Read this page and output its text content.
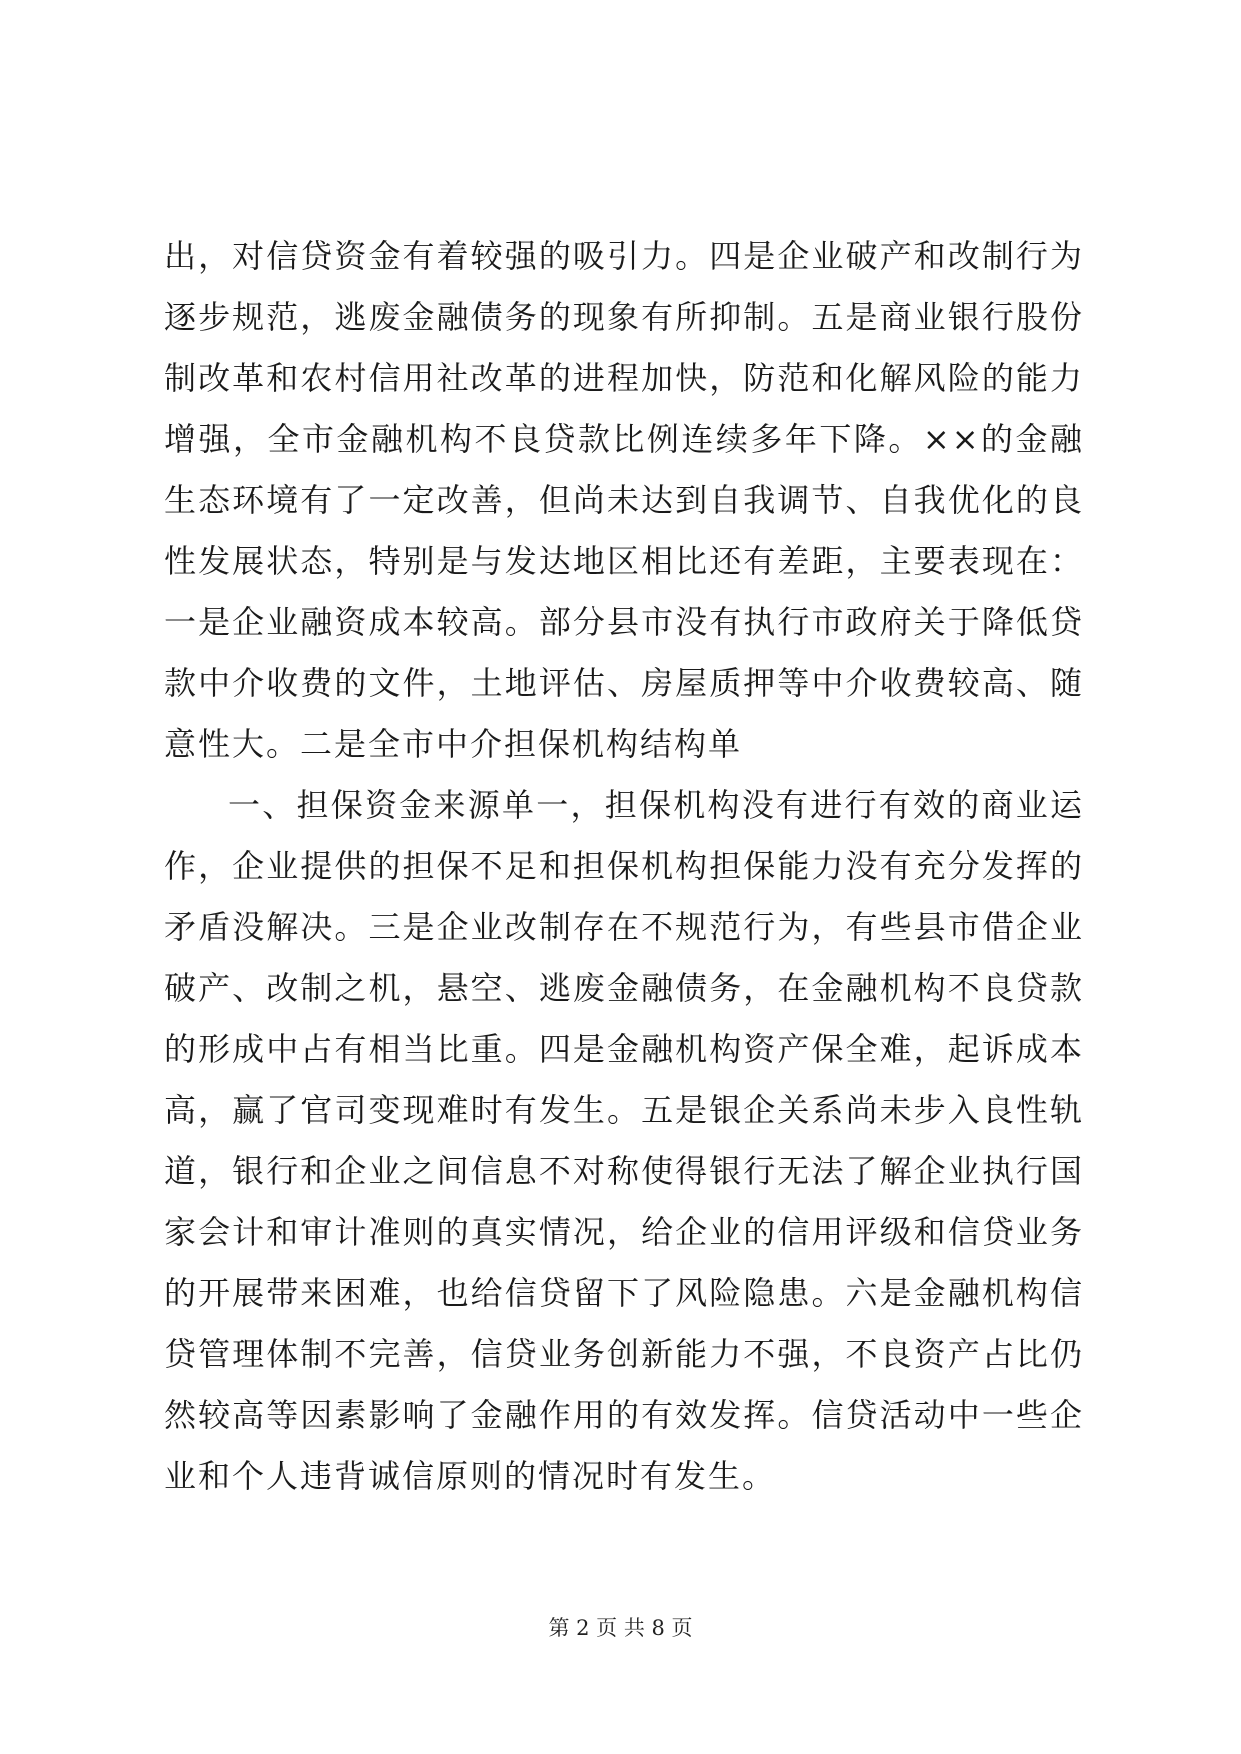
出，对信贷资金有着较强的吸引力。四是企业破产和改制行为逐步规范，逃废金融债务的现象有所抑制。五是商业银行股份制改革和农村信用社改革的进程加快，防范和化解风险的能力增强，全市金融机构不良贷款比例连续多年下降。××的金融生态环境有了一定改善，但尚未达到自我调节、自我优化的良性发展状态，特别是与发达地区相比还有差距，主要表现在：一是企业融资成本较高。部分县市没有执行市政府关于降低贷款中介收费的文件，土地评估、房屋质押等中介收费较高、随意性大。二是全市中介担保机构结构单

一、担保资金来源单一，担保机构没有进行有效的商业运作，企业提供的担保不足和担保机构担保能力没有充分发挥的矛盾没解决。三是企业改制存在不规范行为，有些县市借企业破产、改制之机，悬空、逃废金融债务，在金融机构不良贷款的形成中占有相当比重。四是金融机构资产保全难，起诉成本高，赢了官司变现难时有发生。五是银企关系尚未步入良性轨道，银行和企业之间信息不对称使得银行无法了解企业执行国家会计和审计准则的真实情况，给企业的信用评级和信贷业务的开展带来困难，也给信贷留下了风险隐患。六是金融机构信贷管理体制不完善，信贷业务创新能力不强，不良资产占比仍然较高等因素影响了金融作用的有效发挥。信贷活动中一些企业和个人违背诚信原则的情况时有发生。

第 2 页 共 8 页
